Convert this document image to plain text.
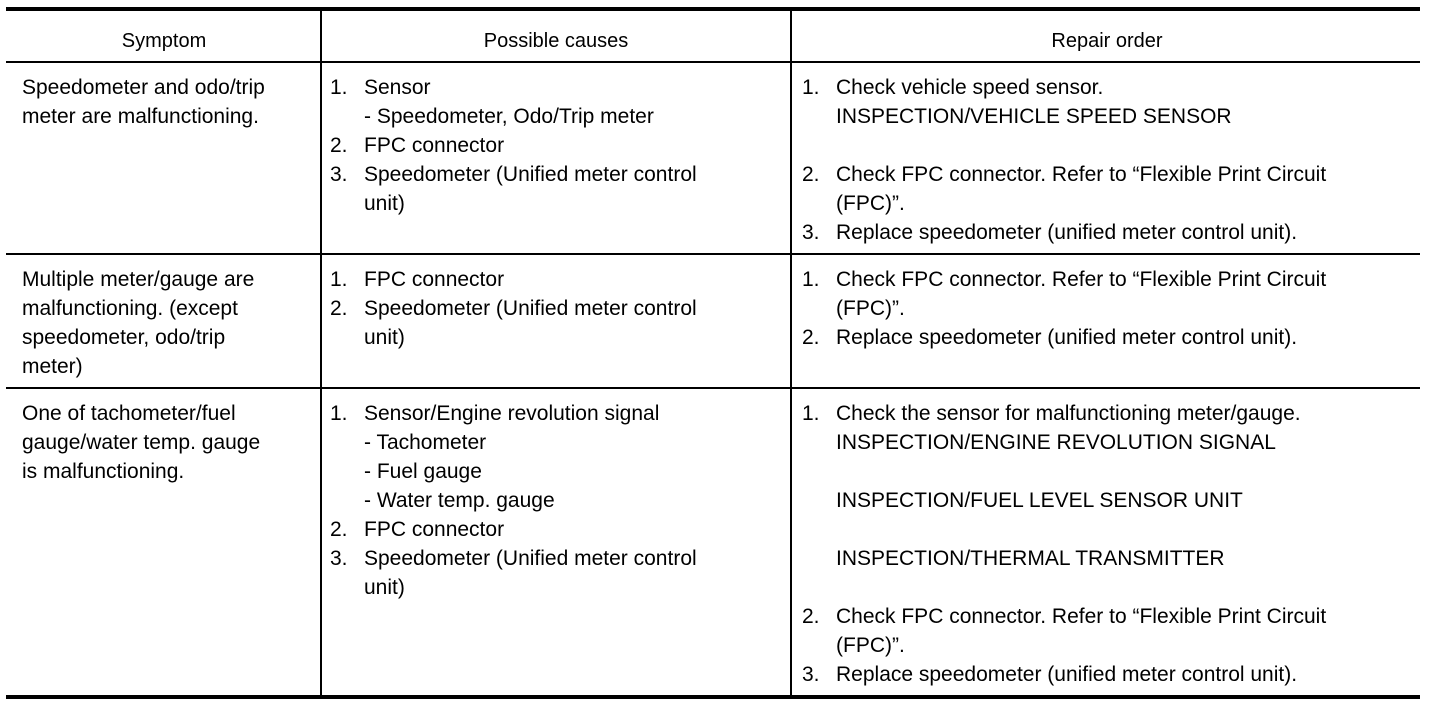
Symptom	Possible causes	Repair order
Speedometer and odo/trip
meter are malfunctioning.
1. Sensor
- Speedometer, Odo/Trip meter
2. FPC connector
3. Speedometer (Unified meter control
unit)
1. Check vehicle speed sensor.
INSPECTION/VEHICLE SPEED SENSOR
2. Check FPC connector. Refer to “Flexible Print Circuit
(FPC)”.
3. Replace speedometer (unified meter control unit).
Multiple meter/gauge are
malfunctioning. (except
speedometer, odo/trip
meter)
1. FPC connector
2. Speedometer (Unified meter control
unit)
1. Check FPC connector. Refer to “Flexible Print Circuit
(FPC)”.
2. Replace speedometer (unified meter control unit).
One of tachometer/fuel
gauge/water temp. gauge
is malfunctioning.
1. Sensor/Engine revolution signal
- Tachometer
- Fuel gauge
- Water temp. gauge
2. FPC connector
3. Speedometer (Unified meter control
unit)
1. Check the sensor for malfunctioning meter/gauge.
INSPECTION/ENGINE REVOLUTION SIGNAL
INSPECTION/FUEL LEVEL SENSOR UNIT
INSPECTION/THERMAL TRANSMITTER
2. Check FPC connector. Refer to “Flexible Print Circuit
(FPC)”.
3. Replace speedometer (unified meter control unit).
